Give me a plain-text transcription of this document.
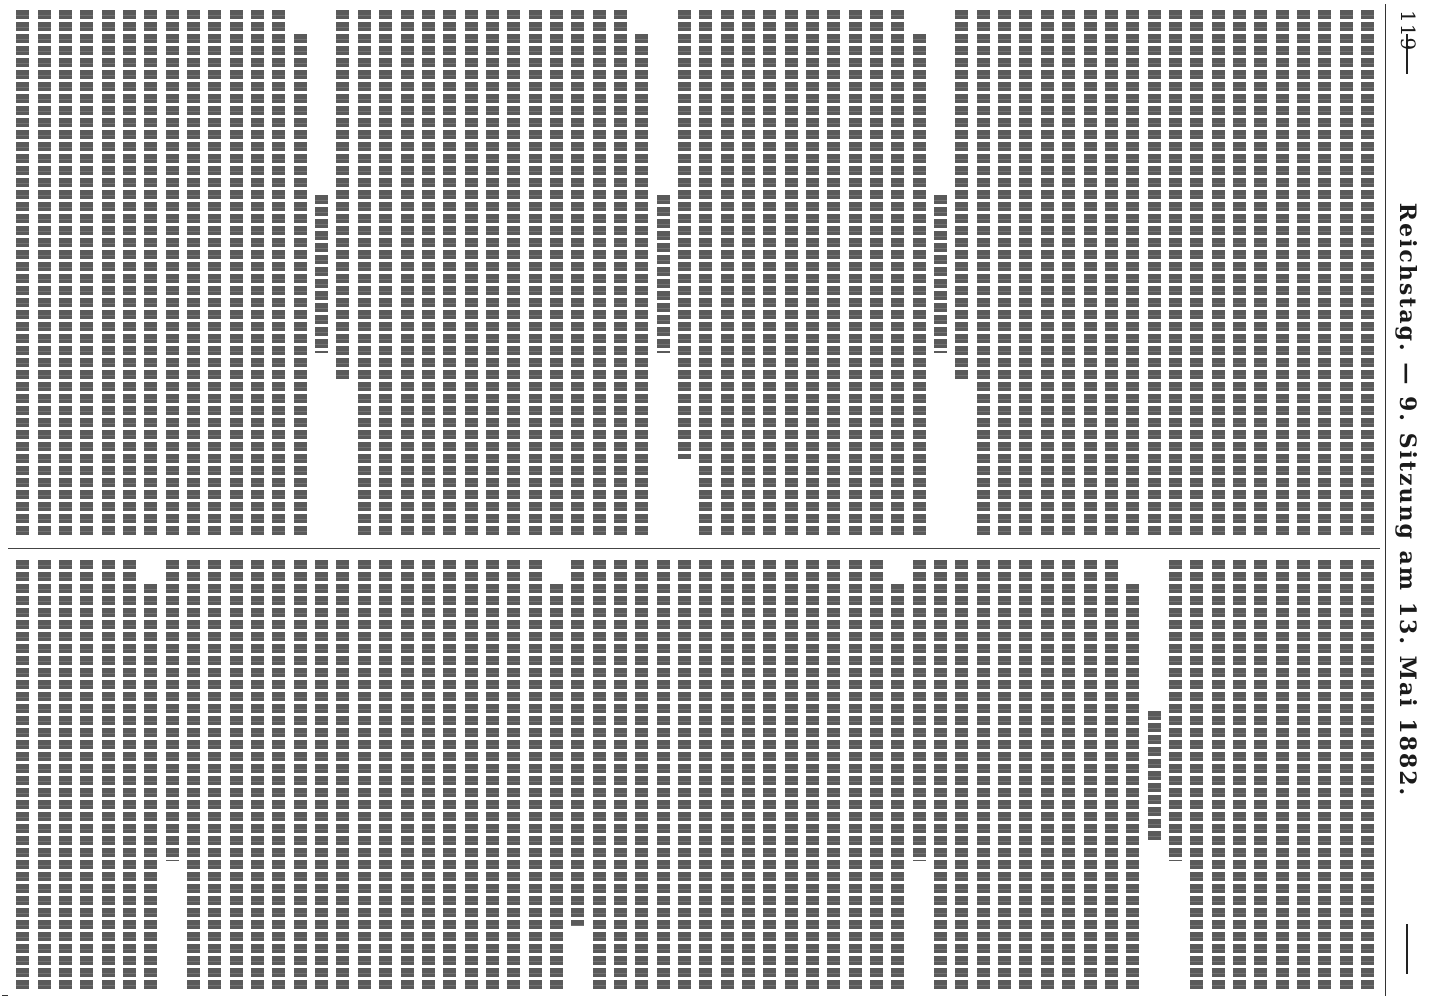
119
Reichstag. — 9. Sitzung am 13. Mai 1882.
